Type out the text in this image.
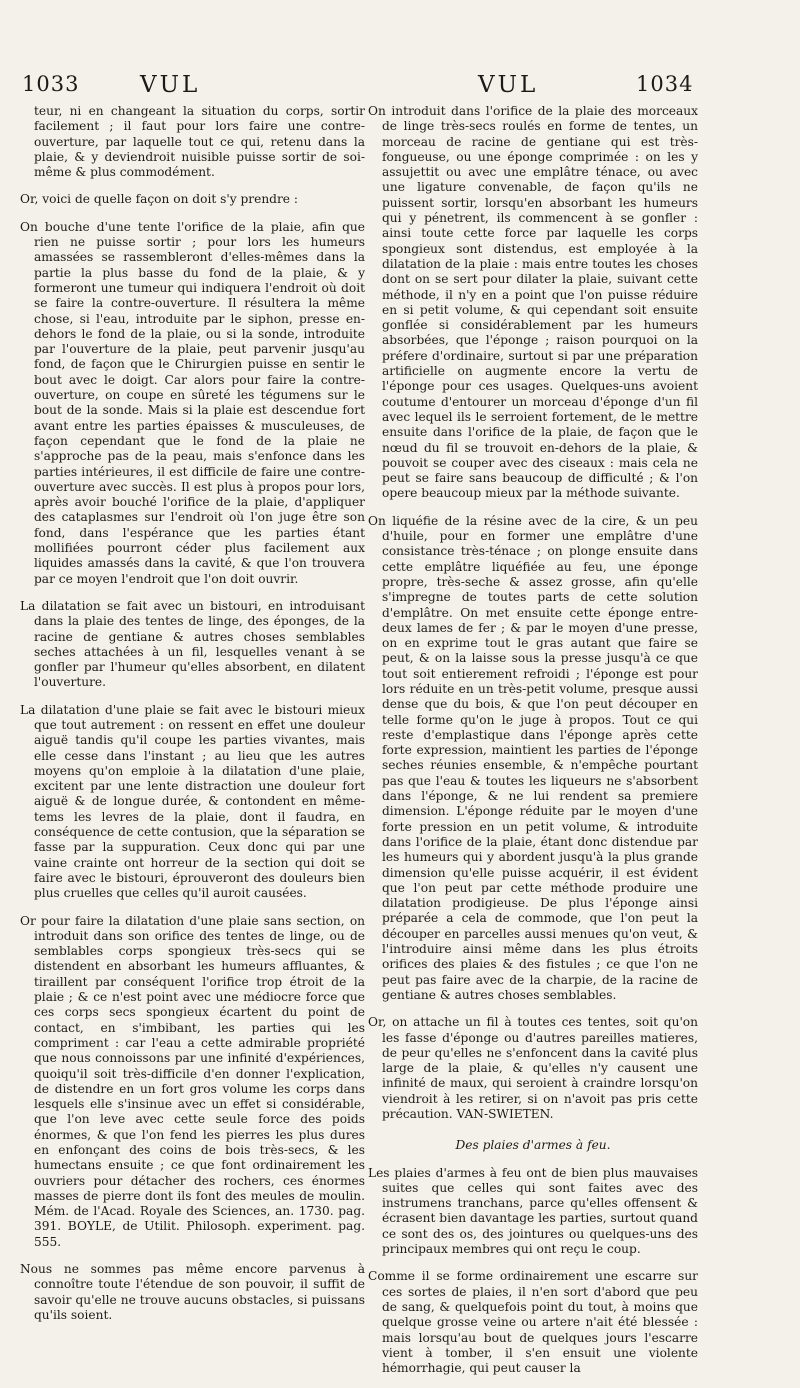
1033	VUL	VUL	1034

teur, ni en changeant la situation du corps, sortir facilement ; il faut pour lors faire une contre-ouverture, par laquelle tout ce qui, retenu dans la plaie, & y deviendroit nuisible puisse sortir de soi-même & plus commodément.

Or, voici de quelle façon on doit s'y prendre :

On bouche d'une tente l'orifice de la plaie, afin que rien ne puisse sortir ; pour lors les humeurs amassées se rassembleront d'elles-mêmes dans la partie la plus basse du fond de la plaie, & y formeront une tumeur qui indiquera l'endroit où doit se faire la contre-ouverture. Il résultera la même chose, si l'eau, introduite par le siphon, presse en-dehors le fond de la plaie, ou si la sonde, introduite par l'ouverture de la plaie, peut parvenir jusqu'au fond, de façon que le Chirurgien puisse en sentir le bout avec le doigt. Car alors pour faire la contre-ouverture, on coupe en sûreté les tégumens sur le bout de la sonde. Mais si la plaie est descendue fort avant entre les parties épaisses & musculeuses, de façon cependant que le fond de la plaie ne s'approche pas de la peau, mais s'enfonce dans les parties intérieures, il est difficile de faire une contre-ouverture avec succès. Il est plus à propos pour lors, après avoir bouché l'orifice de la plaie, d'appliquer des cataplasmes sur l'endroit où l'on juge être son fond, dans l'espérance que les parties étant mollifiées pourront céder plus facilement aux liquides amassés dans la cavité, & que l'on trouvera par ce moyen l'endroit que l'on doit ouvrir.

La dilatation se fait avec un bistouri, en introduisant dans la plaie des tentes de linge, des éponges, de la racine de gentiane & autres choses semblables seches attachées à un fil, lesquelles venant à se gonfler par l'humeur qu'elles absorbent, en dilatent l'ouverture.

La dilatation d'une plaie se fait avec le bistouri mieux que tout autrement : on ressent en effet une douleur aiguë tandis qu'il coupe les parties vivantes, mais elle cesse dans l'instant ; au lieu que les autres moyens qu'on emploie à la dilatation d'une plaie, excitent par une lente distraction une douleur fort aiguë & de longue durée, & contondent en même-tems les levres de la plaie, dont il faudra, en conséquence de cette contusion, que la séparation se fasse par la suppuration. Ceux donc qui par une vaine crainte ont horreur de la section qui doit se faire avec le bistouri, éprouveront des douleurs bien plus cruelles que celles qu'il auroit causées.

Or pour faire la dilatation d'une plaie sans section, on introduit dans son orifice des tentes de linge, ou de semblables corps spongieux très-secs qui se distendent en absorbant les humeurs affluantes, & tiraillent par conséquent l'orifice trop étroit de la plaie ; & ce n'est point avec une médiocre force que ces corps secs spongieux écartent du point de contact, en s'imbibant, les parties qui les compriment : car l'eau a cette admirable propriété que nous connoissons par une infinité d'expériences, quoiqu'il soit très-difficile d'en donner l'explication, de distendre en un fort gros volume les corps dans lesquels elle s'insinue avec un effet si considérable, que l'on leve avec cette seule force des poids énormes, & que l'on fend les pierres les plus dures en enfonçant des coins de bois très-secs, & les humectans ensuite ; ce que font ordinairement les ouvriers pour détacher des rochers, ces énormes masses de pierre dont ils font des meules de moulin. Mém. de l'Acad. Royale des Sciences, an. 1730. pag. 391. BOYLE, de Utilit. Philosoph. experiment. pag. 555.

Nous ne sommes pas même encore parvenus à connoître toute l'étendue de son pouvoir, il suffit de savoir qu'elle ne trouve aucuns obstacles, si puissans qu'ils soient.

On introduit dans l'orifice de la plaie des morceaux de linge très-secs roulés en forme de tentes, un morceau de racine de gentiane qui est très-fongueuse, ou une éponge comprimée : on les y assujettit ou avec une emplâtre ténace, ou avec une ligature convenable, de façon qu'ils ne puissent sortir, lorsqu'en absorbant les humeurs qui y pénetrent, ils commencent à se gonfler : ainsi toute cette force par laquelle les corps spongieux sont distendus, est employée à la dilatation de la plaie : mais entre toutes les choses dont on se sert pour dilater la plaie, suivant cette méthode, il n'y en a point que l'on puisse réduire en si petit volume, & qui cependant soit ensuite gonflée si considérablement par les humeurs absorbées, que l'éponge ; raison pourquoi on la préfere d'ordinaire, surtout si par une préparation artificielle on augmente encore la vertu de l'éponge pour ces usages. Quelques-uns avoient coutume d'entourer un morceau d'éponge d'un fil avec lequel ils le serroient fortement, de le mettre ensuite dans l'orifice de la plaie, de façon que le nœud du fil se trouvoit en-dehors de la plaie, & pouvoit se couper avec des ciseaux : mais cela ne peut se faire sans beaucoup de difficulté ; & l'on opere beaucoup mieux par la méthode suivante.

On liquéfie de la résine avec de la cire, & un peu d'huile, pour en former une emplâtre d'une consistance très-ténace ; on plonge ensuite dans cette emplâtre liquéfiée au feu, une éponge propre, très-seche & assez grosse, afin qu'elle s'impregne de toutes parts de cette solution d'emplâtre. On met ensuite cette éponge entre-deux lames de fer ; & par le moyen d'une presse, on en exprime tout le gras autant que faire se peut, & on la laisse sous la presse jusqu'à ce que tout soit entierement refroidi ; l'éponge est pour lors réduite en un très-petit volume, presque aussi dense que du bois, & que l'on peut découper en telle forme qu'on le juge à propos. Tout ce qui reste d'emplastique dans l'éponge après cette forte expression, maintient les parties de l'éponge seches réunies ensemble, & n'empêche pourtant pas que l'eau & toutes les liqueurs ne s'absorbent dans l'éponge, & ne lui rendent sa premiere dimension. L'éponge réduite par le moyen d'une forte pression en un petit volume, & introduite dans l'orifice de la plaie, étant donc distendue par les humeurs qui y abordent jusqu'à la plus grande dimension qu'elle puisse acquérir, il est évident que l'on peut par cette méthode produire une dilatation prodigieuse. De plus l'éponge ainsi préparée a cela de commode, que l'on peut la découper en parcelles aussi menues qu'on veut, & l'introduire ainsi même dans les plus étroits orifices des plaies & des fistules ; ce que l'on ne peut pas faire avec de la charpie, de la racine de gentiane & autres choses semblables.

Or, on attache un fil à toutes ces tentes, soit qu'on les fasse d'éponge ou d'autres pareilles matieres, de peur qu'elles ne s'enfoncent dans la cavité plus large de la plaie, & qu'elles n'y causent une infinité de maux, qui seroient à craindre lorsqu'on viendroit à les retirer, si on n'avoit pas pris cette précaution. VAN-SWIETEN.

Des plaies d'armes à feu.

Les plaies d'armes à feu ont de bien plus mauvaises suites que celles qui sont faites avec des instrumens tranchans, parce qu'elles offensent & écrasent bien davantage les parties, surtout quand ce sont des os, des jointures ou quelques-uns des principaux membres qui ont reçu le coup.

Comme il se forme ordinairement une escarre sur ces sortes de plaies, il n'en sort d'abord que peu de sang, & quelquefois point du tout, à moins que quelque grosse veine ou artere n'ait été blessée : mais lorsqu'au bout de quelques jours l'escarre vient à tomber, il s'en ensuit une violente hémorrhagie, qui peut causer la
